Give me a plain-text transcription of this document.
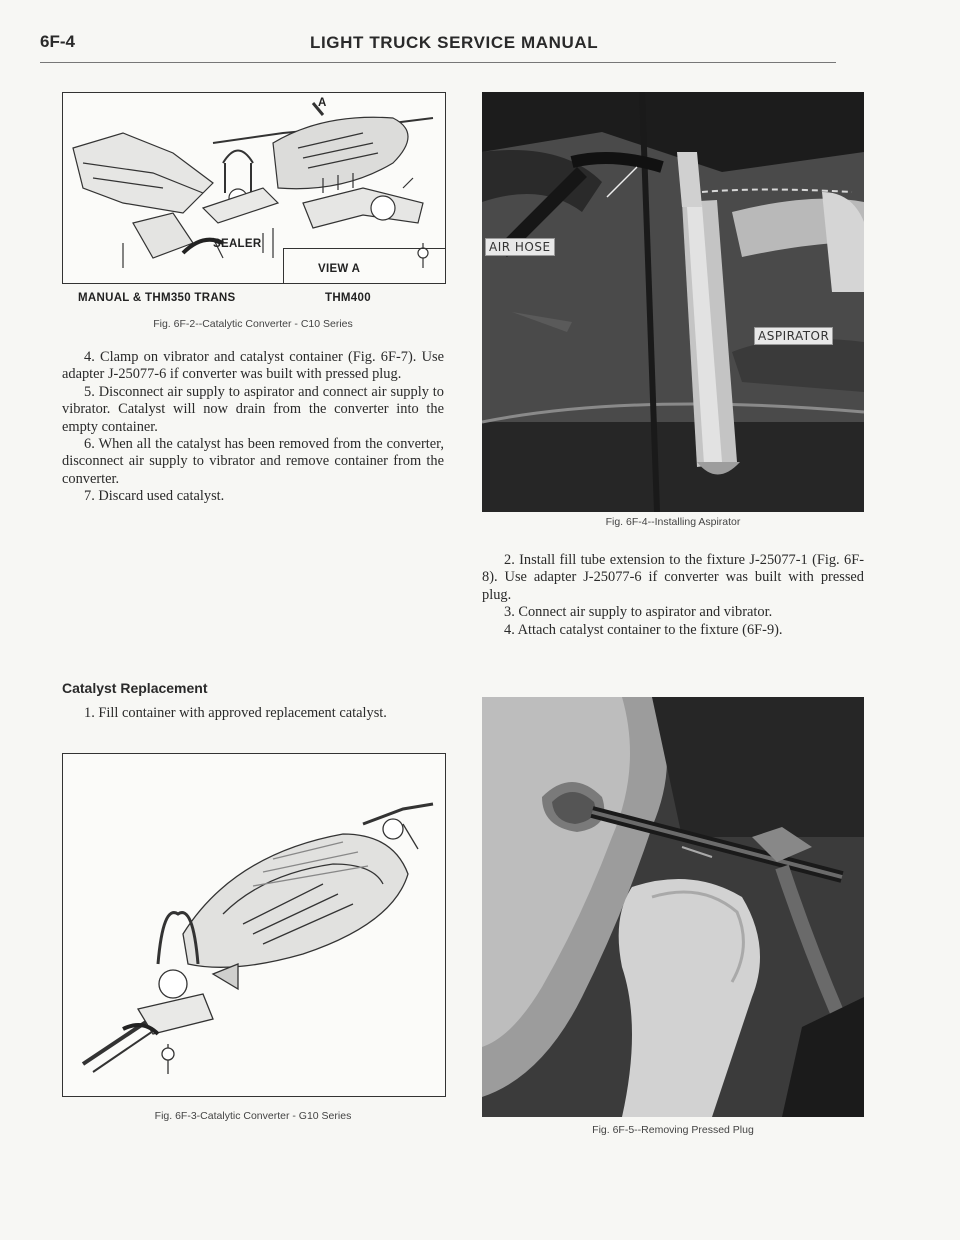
6F-4	LIGHT TRUCK SERVICE MANUAL
A
SEALER
VIEW A
MANUAL & THM350 TRANS	THM400
Fig. 6F-2--Catalytic Converter - C10 Series

4. Clamp on vibrator and catalyst container (Fig. 6F-7). Use adapter J-25077-6 if converter was built with pressed plug.

5. Disconnect air supply to aspirator and connect air supply to vibrator. Catalyst will now drain from the converter into the empty container.

6. When all the catalyst has been removed from the converter, disconnect air supply to vibrator and remove container from the converter.

7. Discard used catalyst.

Catalyst Replacement

1. Fill container with approved replacement catalyst.

Fig. 6F-3-Catalytic Converter - G10 Series
AIR HOSE
ASPIRATOR
Fig. 6F-4--Installing Aspirator

2. Install fill tube extension to the fixture J-25077-1 (Fig. 6F-8). Use adapter J-25077-6 if converter was built with pressed plug.

3. Connect air supply to aspirator and vibrator.

4. Attach catalyst container to the fixture (6F-9).

Fig. 6F-5--Removing Pressed Plug
